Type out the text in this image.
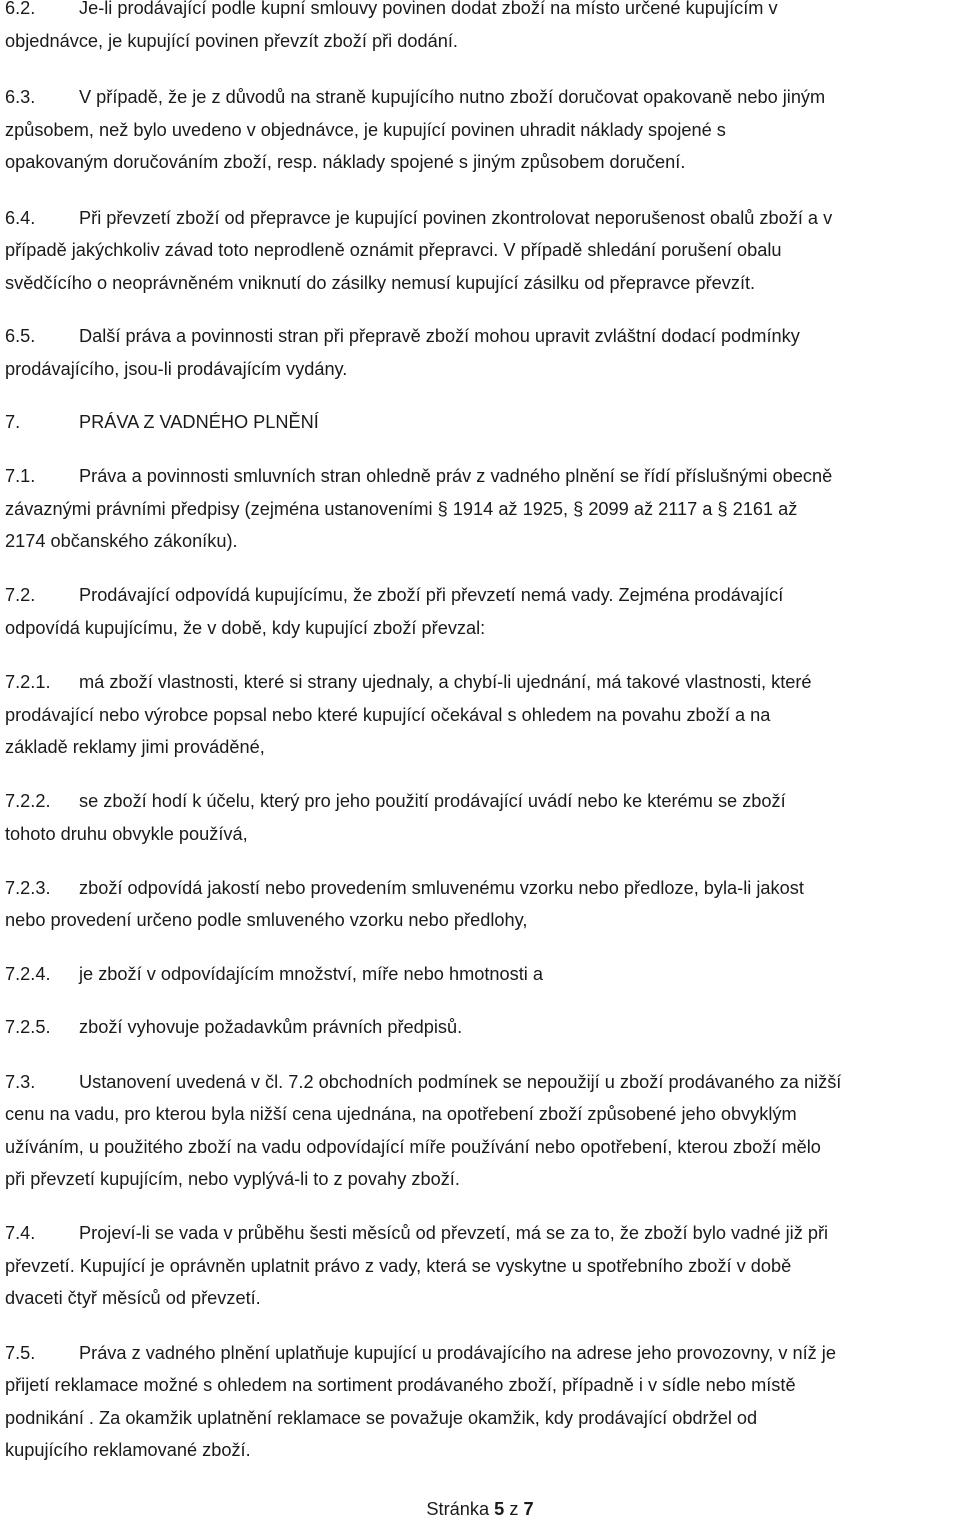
6.2. Je-li prodávající podle kupní smlouvy povinen dodat zboží na místo určené kupujícím v
objednávce, je kupující povinen převzít zboží při dodání.
6.3. V případě, že je z důvodů na straně kupujícího nutno zboží doručovat opakovaně nebo jiným
způsobem, než bylo uvedeno v objednávce, je kupující povinen uhradit náklady spojené s
opakovaným doručováním zboží, resp. náklady spojené s jiným způsobem doručení.
6.4. Při převzetí zboží od přepravce je kupující povinen zkontrolovat neporušenost obalů zboží a v
případě jakýchkoliv závad toto neprodleně oznámit přepravci. V případě shledání porušení obalu
svědčícího o neoprávněném vniknutí do zásilky nemusí kupující zásilku od přepravce převzít.
6.5. Další práva a povinnosti stran při přepravě zboží mohou upravit zvláštní dodací podmínky
prodávajícího, jsou-li prodávajícím vydány.
7.	PRÁVA Z VADNÉHO PLNĚNÍ
7.1. Práva a povinnosti smluvních stran ohledně práv z vadného plnění se řídí příslušnými obecně
závaznými právními předpisy (zejména ustanoveními § 1914 až 1925, § 2099 až 2117 a § 2161 až
2174 občanského zákoníku).
7.2. Prodávající odpovídá kupujícímu, že zboží při převzetí nemá vady. Zejména prodávající
odpovídá kupujícímu, že v době, kdy kupující zboží převzal:
7.2.1. má zboží vlastnosti, které si strany ujednaly, a chybí-li ujednání, má takové vlastnosti, které
prodávající nebo výrobce popsal nebo které kupující očekával s ohledem na povahu zboží a na
základě reklamy jimi prováděné,
7.2.2. se zboží hodí k účelu, který pro jeho použití prodávající uvádí nebo ke kterému se zboží
tohoto druhu obvykle používá,
7.2.3. zboží odpovídá jakostí nebo provedením smluvenému vzorku nebo předloze, byla-li jakost
nebo provedení určeno podle smluveného vzorku nebo předlohy,
7.2.4. je zboží v odpovídajícím množství, míře nebo hmotnosti a
7.2.5. zboží vyhovuje požadavkům právních předpisů.
7.3. Ustanovení uvedená v čl. 7.2 obchodních podmínek se nepoužijí u zboží prodávaného za nižší
cenu na vadu, pro kterou byla nižší cena ujednána, na opotřebení zboží způsobené jeho obvyklým
užíváním, u použitého zboží na vadu odpovídající míře používání nebo opotřebení, kterou zboží mělo
při převzetí kupujícím, nebo vyplývá-li to z povahy zboží.
7.4. Projeví-li se vada v průběhu šesti měsíců od převzetí, má se za to, že zboží bylo vadné již při
převzetí. Kupující je oprávněn uplatnit právo z vady, která se vyskytne u spotřebního zboží v době
dvaceti čtyř měsíců od převzetí.
7.5. Práva z vadného plnění uplatňuje kupující u prodávajícího na adrese jeho provozovny, v níž je
přijetí reklamace možné s ohledem na sortiment prodávaného zboží, případně i v sídle nebo místě
podnikání . Za okamžik uplatnění reklamace se považuje okamžik, kdy prodávající obdržel od
kupujícího reklamované zboží.
Stránka 5 z 7
